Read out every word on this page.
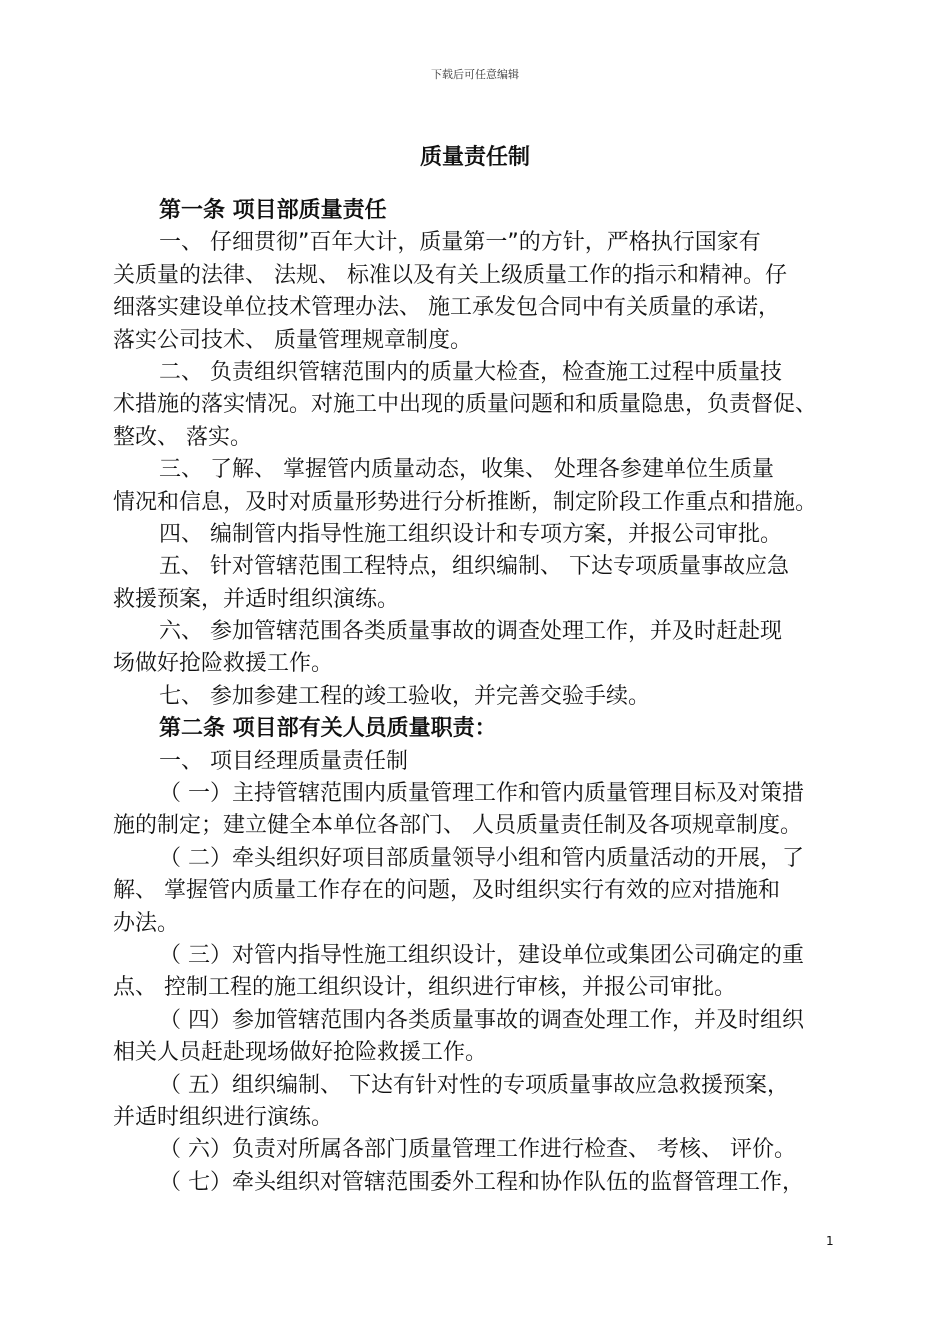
下载后可任意编辑
质量责任制
第一条 项目部质量责任
一、 仔细贯彻”百年大计，质量第一”的方针，严格执行国家有
关质量的法律、 法规、 标准以及有关上级质量工作的指示和精神。仔
细落实建设单位技术管理办法、 施工承发包合同中有关质量的承诺，
落实公司技术、 质量管理规章制度。
二、 负责组织管辖范围内的质量大检查，检查施工过程中质量技
术措施的落实情况。对施工中出现的质量问题和和质量隐患，负责督促、
整改、 落实。
三、 了解、 掌握管内质量动态，收集、 处理各参建单位生质量
情况和信息，及时对质量形势进行分析推断，制定阶段工作重点和措施。
四、 编制管内指导性施工组织设计和专项方案，并报公司审批。
五、 针对管辖范围工程特点，组织编制、 下达专项质量事故应急
救援预案，并适时组织演练。
六、 参加管辖范围各类质量事故的调查处理工作，并及时赶赴现
场做好抢险救援工作。
七、 参加参建工程的竣工验收，并完善交验手续。
第二条 项目部有关人员质量职责：
一、 项目经理质量责任制
（ 一）主持管辖范围内质量管理工作和管内质量管理目标及对策措
施的制定；建立健全本单位各部门、 人员质量责任制及各项规章制度。
（ 二）牵头组织好项目部质量领导小组和管内质量活动的开展，了
解、 掌握管内质量工作存在的问题，及时组织实行有效的应对措施和
办法。
（ 三）对管内指导性施工组织设计，建设单位或集团公司确定的重
点、 控制工程的施工组织设计，组织进行审核，并报公司审批。
（ 四）参加管辖范围内各类质量事故的调查处理工作，并及时组织
相关人员赶赴现场做好抢险救援工作。
（ 五）组织编制、 下达有针对性的专项质量事故应急救援预案，
并适时组织进行演练。
（ 六）负责对所属各部门质量管理工作进行检查、 考核、 评价。
（ 七）牵头组织对管辖范围委外工程和协作队伍的监督管理工作，
1
